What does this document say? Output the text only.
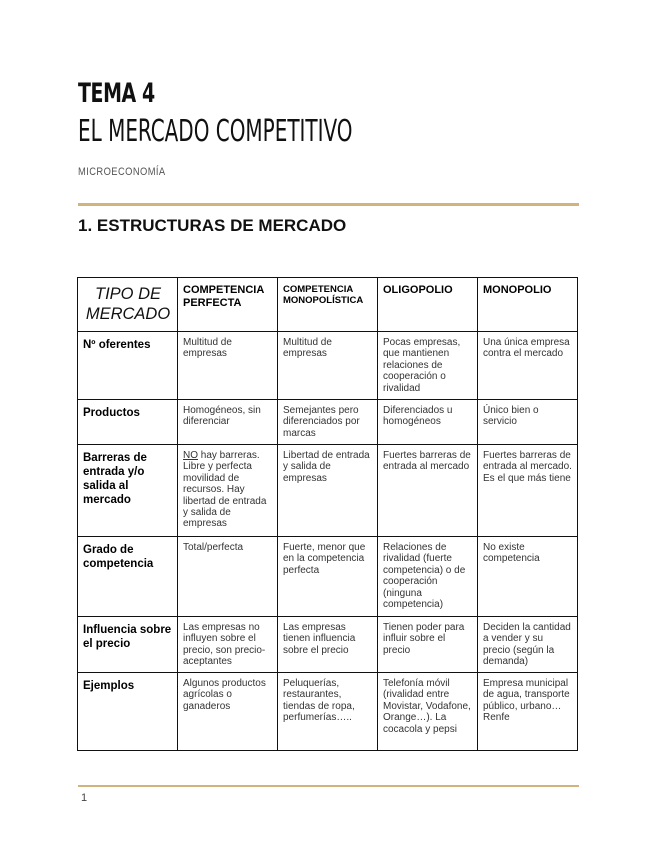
TEMA 4
EL MERCADO COMPETITIVO
MICROECONOMÍA
1. ESTRUCTURAS DE MERCADO
TIPO DE MERCADO	COMPETENCIA PERFECTA	COMPETENCIA MONOPOLÍSTICA	OLIGOPOLIO	MONOPOLIO
Nº oferentes	Multitud de empresas	Multitud de empresas	Pocas empresas, que mantienen relaciones de cooperación o rivalidad	Una única empresa contra el mercado
Productos	Homogéneos, sin diferenciar	Semejantes pero diferenciados por marcas	Diferenciados u homogéneos	Único bien o servicio
Barreras de entrada y/o salida al mercado	NO hay barreras. Libre y perfecta movilidad de recursos. Hay libertad de entrada y salida de empresas	Libertad de entrada y salida de empresas	Fuertes barreras de entrada al mercado	Fuertes barreras de entrada al mercado. Es el que más tiene
Grado de competencia	Total/perfecta	Fuerte, menor que en la competencia perfecta	Relaciones de rivalidad (fuerte competencia) o de cooperación (ninguna competencia)	No existe competencia
Influencia sobre el precio	Las empresas no influyen sobre el precio, son precio-aceptantes	Las empresas tienen influencia sobre el precio	Tienen poder para influir sobre el precio	Deciden la cantidad a vender y su precio (según la demanda)
Ejemplos	Algunos productos agrícolas o ganaderos	Peluquerías, restaurantes, tiendas de ropa, perfumerías…..	Telefonía móvil (rivalidad entre Movistar, Vodafone, Orange…). La cocacola y pepsi	Empresa municipal de agua, transporte público, urbano… Renfe
1
